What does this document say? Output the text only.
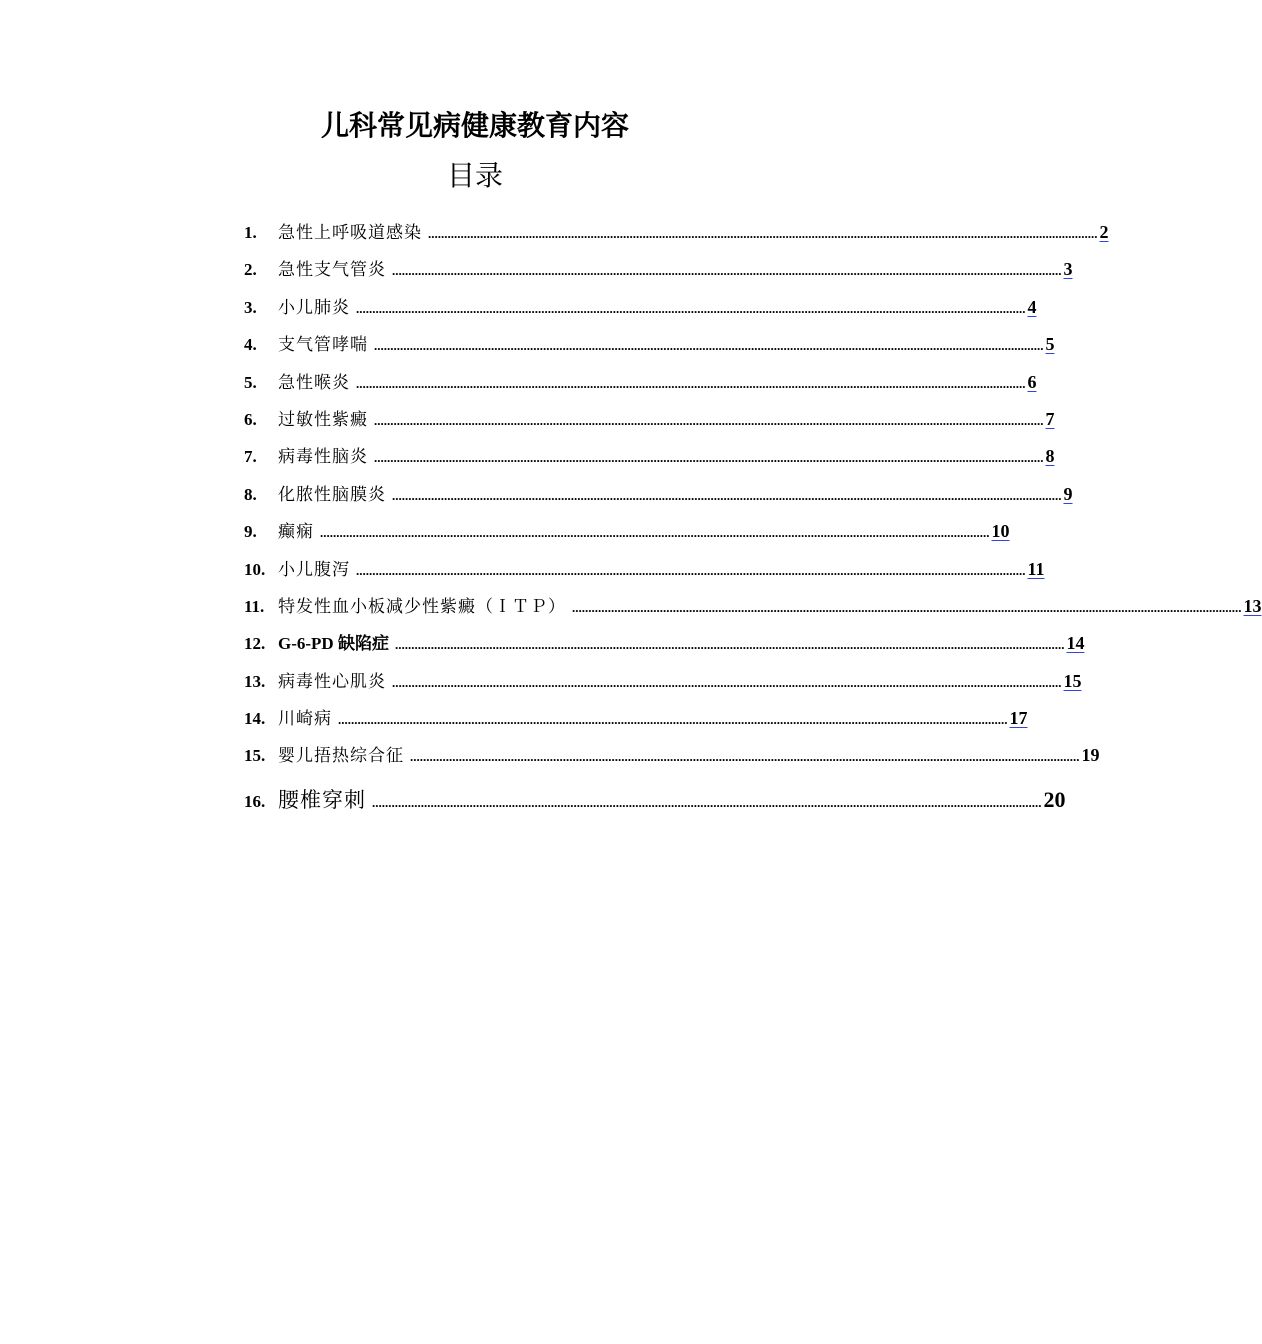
儿科常见病健康教育内容
目录
1.	急性上呼吸道感染 .............................................................................................................................................................................................................. 2
2.	急性支气管炎 .............................................................................................................................................................................................................. 3
3.	小儿肺炎 .............................................................................................................................................................................................................. 4
4.	支气管哮喘 .............................................................................................................................................................................................................. 5
5.	急性喉炎 .............................................................................................................................................................................................................. 6
6.	过敏性紫癜 .............................................................................................................................................................................................................. 7
7.	病毒性脑炎 .............................................................................................................................................................................................................. 8
8.	化脓性脑膜炎 .............................................................................................................................................................................................................. 9
9.	癫痫 .............................................................................................................................................................................................................. 10
10. 小儿腹泻 .............................................................................................................................................................................................................. 11
11. 特发性血小板减少性紫癜（ＩＴＰ） .............................................................................................................................................................................................................. 13
12. G-6-PD 缺陷症 .............................................................................................................................................................................................................. 14
13. 病毒性心肌炎 .............................................................................................................................................................................................................. 15
14. 川崎病 .............................................................................................................................................................................................................. 17
15. 婴儿捂热综合征 .............................................................................................................................................................................................................. 19
16. 腰椎穿刺 .............................................................................................................................................................................................................. 20
